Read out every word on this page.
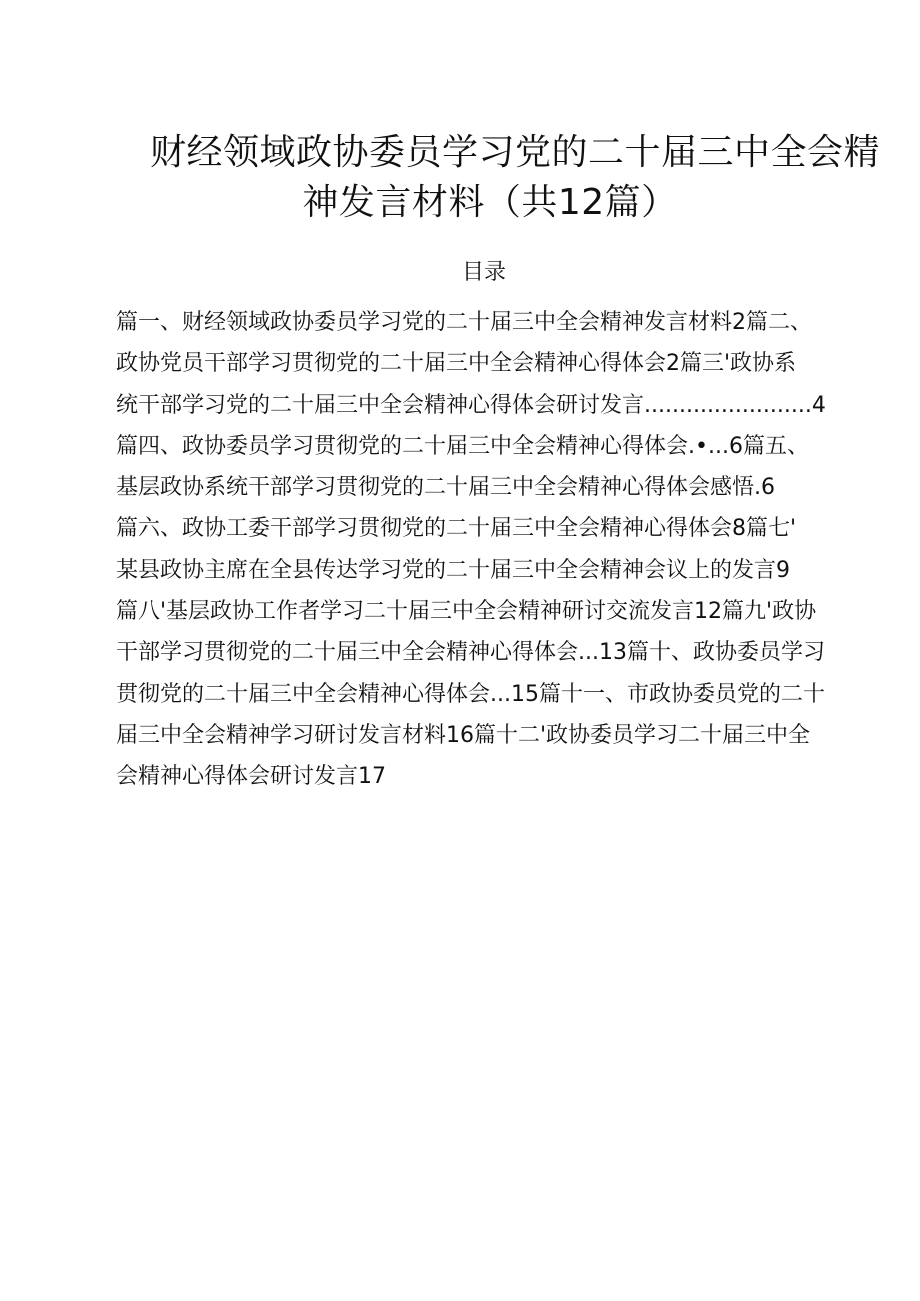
财经领域政协委员学习党的二十届三中全会精
神发言材料（共12篇）
目录
篇一、财经领域政协委员学习党的二十届三中全会精神发言材料2篇二、
政协党员干部学习贯彻党的二十届三中全会精神心得体会2篇三'政协系
统干部学习党的二十届三中全会精神心得体会研讨发言........................4
篇四、政协委员学习贯彻党的二十届三中全会精神心得体会.•...6篇五、
基层政协系统干部学习贯彻党的二十届三中全会精神心得体会感悟.6
篇六、政协工委干部学习贯彻党的二十届三中全会精神心得体会8篇七'
某县政协主席在全县传达学习党的二十届三中全会精神会议上的发言9
篇八'基层政协工作者学习二十届三中全会精神研讨交流发言12篇九'政协
干部学习贯彻党的二十届三中全会精神心得体会...13篇十、政协委员学习
贯彻党的二十届三中全会精神心得体会...15篇十一、市政协委员党的二十
届三中全会精神学习研讨发言材料16篇十二'政协委员学习二十届三中全
会精神心得体会研讨发言17
